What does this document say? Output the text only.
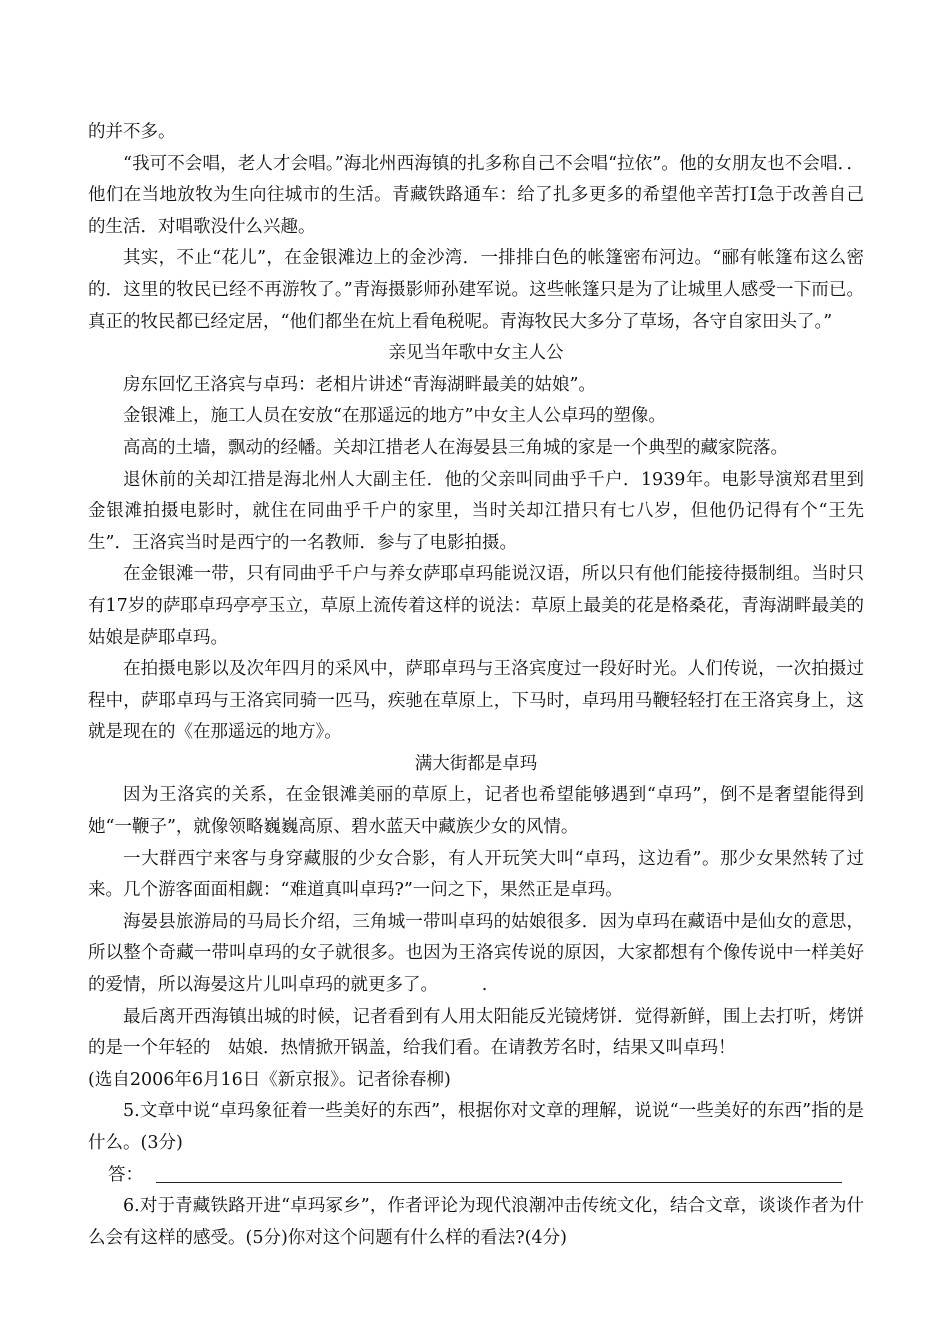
的并不多。

“我可不会唱，老人才会唱。”海北州西海镇的扎多称自己不会唱“拉依”。他的女朋友也不会唱．．他们在当地放牧为生向往城市的生活。青藏铁路通车：给了扎多更多的希望他辛苦打Ⅰ急于改善自己的生活．对唱歌没什么兴趣。

其实，不止“花儿”，在金银滩边上的金沙湾．一排排白色的帐篷密布河边。“郦有帐篷布这么密的．这里的牧民已经不再游牧了。”青海摄影师孙建军说。这些帐篷只是为了让城里人感受一下而已。真正的牧民都已经定居，“他们都坐在炕上看龟税呢。青海牧民大多分了草场，各守自家田头了。”

亲见当年歌中女主人公

房东回忆王洛宾与卓玛：老相片讲述“青海湖畔最美的姑娘”。

金银滩上，施工人员在安放“在那遥远的地方”中女主人公卓玛的塑像。

高高的土墙，飘动的经幡。关却江措老人在海晏县三角城的家是一个典型的藏家院落。

退休前的关却江措是海北州人大副主任．他的父亲叫同曲乎千户．1939年。电影导演郑君里到金银滩拍摄电影时，就住在同曲乎千户的家里，当时关却江措只有七八岁，但他仍记得有个“王先生”．王洛宾当时是西宁的一名教师．参与了电影拍摄。

在金银滩一带，只有同曲乎千户与养女萨耶卓玛能说汉语，所以只有他们能接待摄制组。当时只有17岁的萨耶卓玛亭亭玉立，草原上流传着这样的说法：草原上最美的花是格桑花，青海湖畔最美的姑娘是萨耶卓玛。

在拍摄电影以及次年四月的采风中，萨耶卓玛与王洛宾度过一段好时光。人们传说，一次拍摄过程中，萨耶卓玛与王洛宾同骑一匹马，疾驰在草原上，下马时，卓玛用马鞭轻轻打在王洛宾身上，这就是现在的《在那遥远的地方》。

满大街都是卓玛

因为王洛宾的关系，在金银滩美丽的草原上，记者也希望能够遇到“卓玛”，倒不是奢望能得到她“一鞭子”，就像领略巍巍高原、碧水蓝天中藏族少女的风情。

一大群西宁来客与身穿藏服的少女合影，有人开玩笑大叫“卓玛，这边看”。那少女果然转了过来。几个游客面面相觑：“难道真叫卓玛?”一问之下，果然正是卓玛。

海晏县旅游局的马局长介绍，三角城一带叫卓玛的姑娘很多．因为卓玛在藏语中是仙女的意思，所以整个奇藏一带叫卓玛的女子就很多。也因为王洛宾传说的原因，大家都想有个像传说中一样美好的爱情，所以海晏这片儿叫卓玛的就更多了。　　　.

最后离开西海镇出城的时候，记者看到有人用太阳能反光镜烤饼．觉得新鲜，围上去打听，烤饼的是一个年轻的　姑娘．热情掀开锅盖，给我们看。在请教芳名时，结果又叫卓玛！

(选自2006年6月16日《新京报》。记者徐春柳)

5.文章中说“卓玛象征着一些美好的东西”，根据你对文章的理解，说说“一些美好的东西”指的是什么。(3分)

答：

6.对于青藏铁路开进“卓玛冢乡”，作者评论为现代浪潮冲击传统文化，结合文章，谈谈作者为什么会有这样的感受。(5分)你对这个问题有什么样的看法?(4分)
